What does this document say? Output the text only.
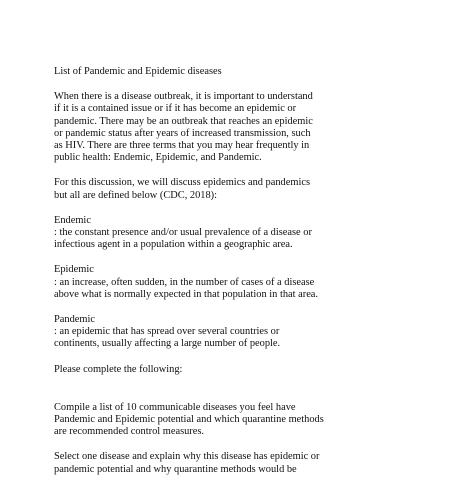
List of Pandemic and Epidemic diseases

When there is a disease outbreak, it is important to understand
if it is a contained issue or if it has become an epidemic or
pandemic. There may be an outbreak that reaches an epidemic
or pandemic status after years of increased transmission, such
as HIV. There are three terms that you may hear frequently in
public health: Endemic, Epidemic, and Pandemic.

For this discussion, we will discuss epidemics and pandemics
but all are defined below (CDC, 2018):

Endemic

: the constant presence and/or usual prevalence of a disease or
infectious agent in a population within a geographic area.

Epidemic

: an increase, often sudden, in the number of cases of a disease
above what is normally expected in that population in that area.

Pandemic

: an epidemic that has spread over several countries or
continents, usually affecting a large number of people.

Please complete the following:

Compile a list of 10 communicable diseases you feel have
Pandemic and Epidemic potential and which quarantine methods
are recommended control measures.

Select one disease and explain why this disease has epidemic or
pandemic potential and why quarantine methods would be
